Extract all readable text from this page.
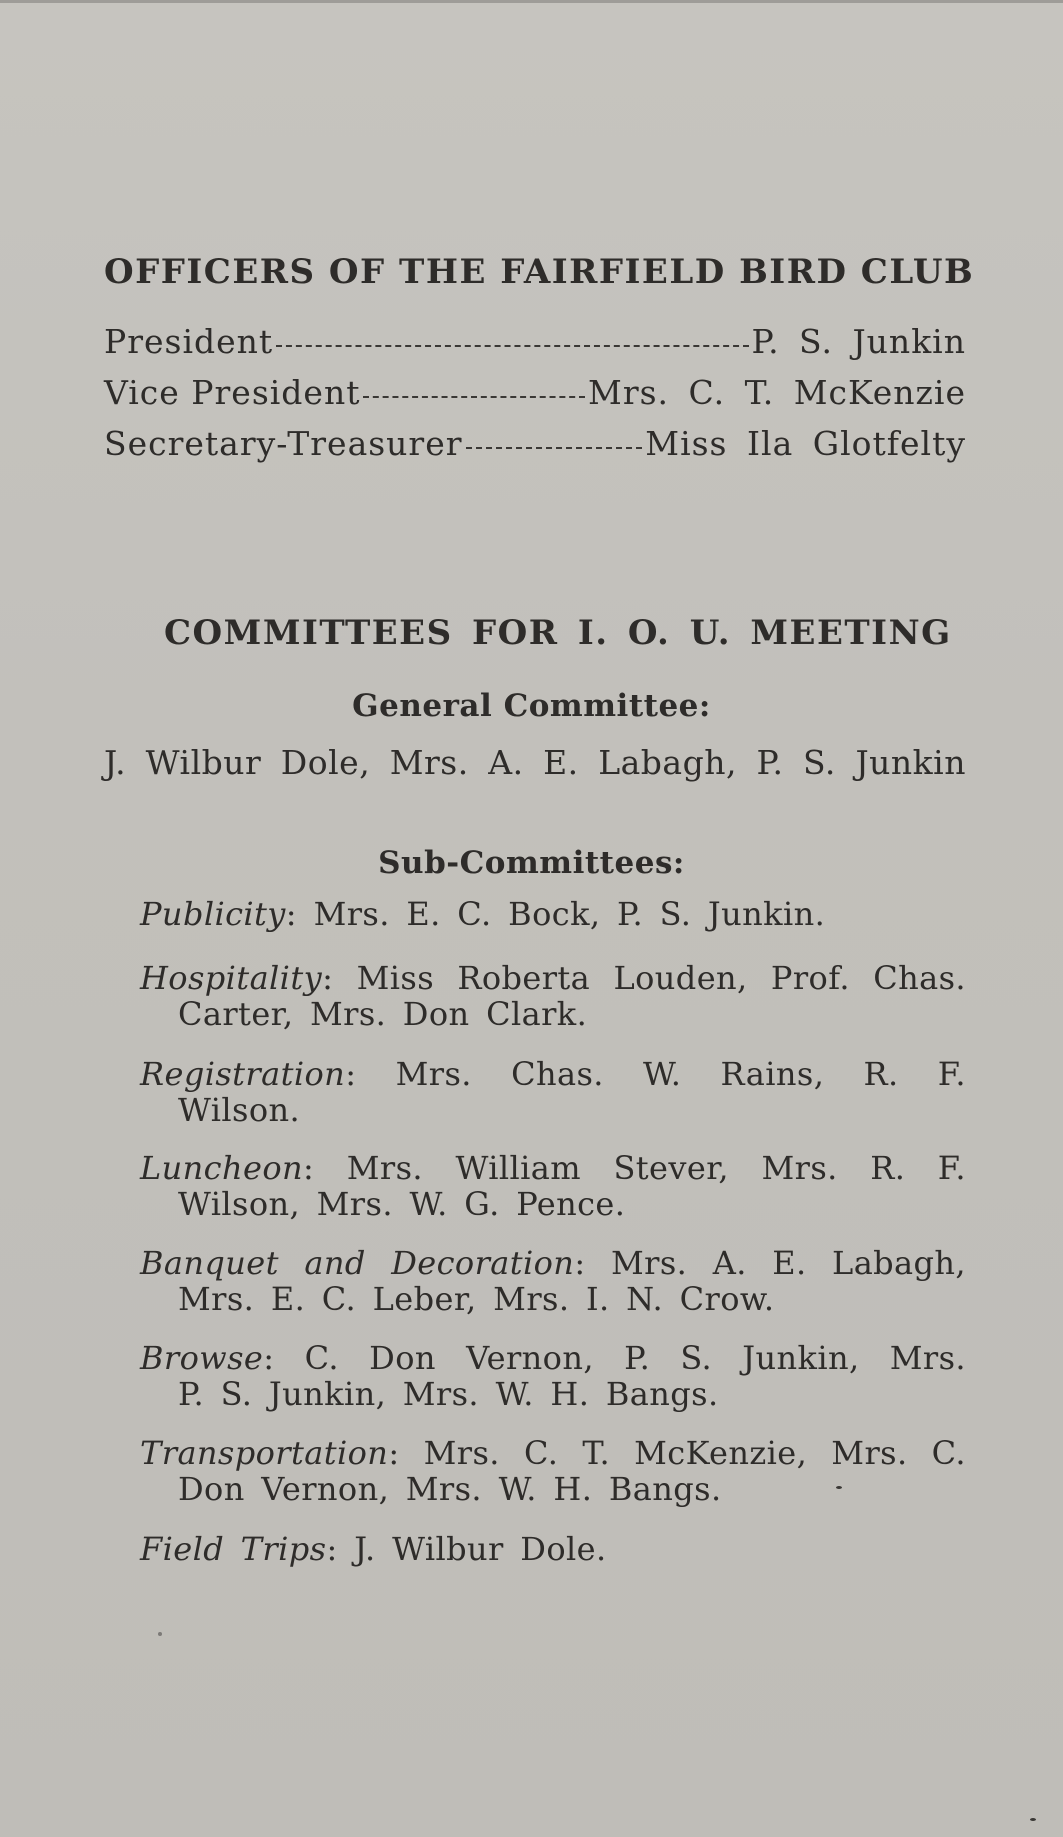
OFFICERS OF THE FAIRFIELD BIRD CLUB
President	P. S. Junkin
Vice President	Mrs. C. T. McKenzie
Secretary-Treasurer	Miss Ila Glotfelty
COMMITTEES FOR I. O. U. MEETING
General Committee:
J. Wilbur Dole, Mrs. A. E. Labagh, P. S. Junkin
Sub-Committees:
Publicity: Mrs. E. C. Bock, P. S. Junkin.
Hospitality: Miss Roberta Louden, Prof. Chas.
Carter, Mrs. Don Clark.
Registration: Mrs. Chas. W. Rains, R. F.
Wilson.
Luncheon: Mrs. William Stever, Mrs. R. F.
Wilson, Mrs. W. G. Pence.
Banquet and Decoration: Mrs. A. E. Labagh,
Mrs. E. C. Leber, Mrs. I. N. Crow.
Browse: C. Don Vernon, P. S. Junkin, Mrs.
P. S. Junkin, Mrs. W. H. Bangs.
Transportation: Mrs. C. T. McKenzie, Mrs. C.
Don Vernon, Mrs. W. H. Bangs.
Field Trips: J. Wilbur Dole.
